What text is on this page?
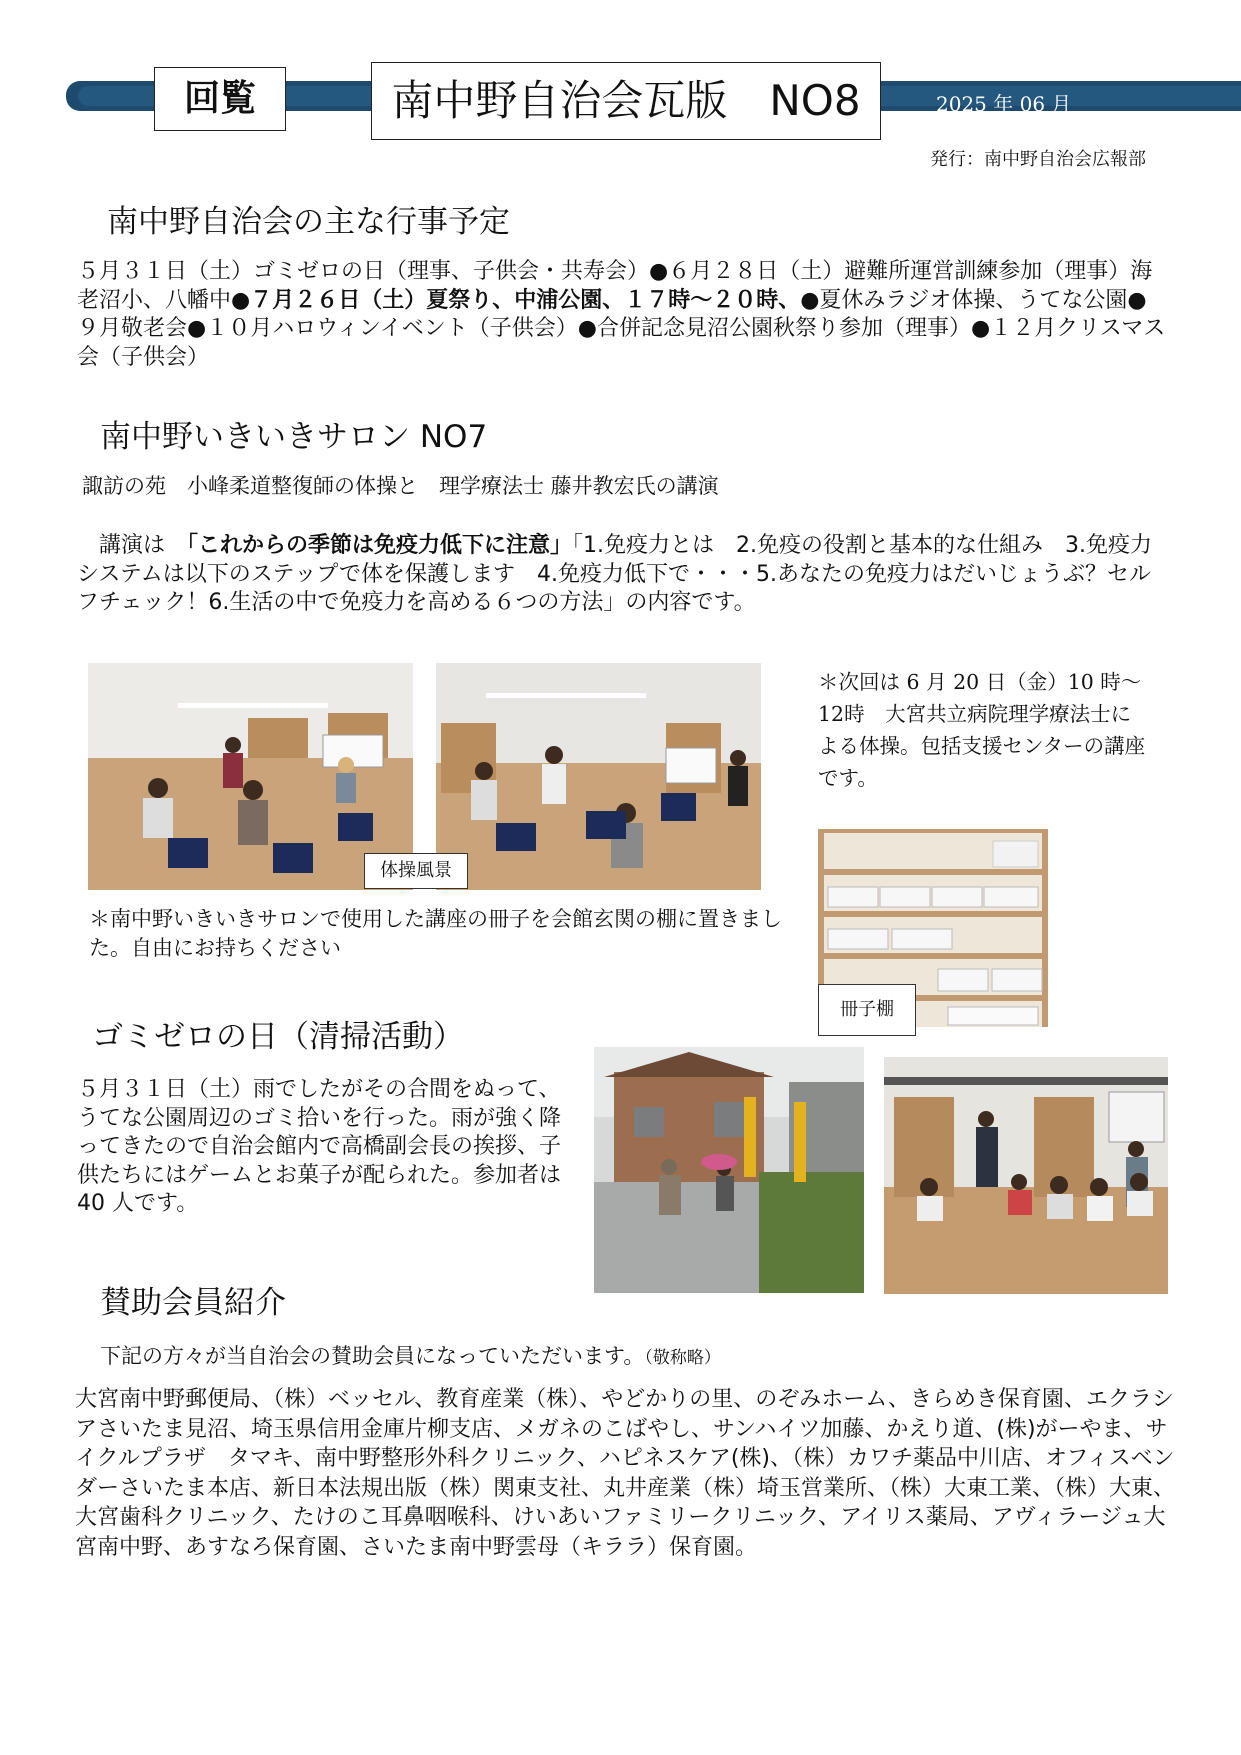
回覧	南中野自治会瓦版　NO8	2025 年 06 月
発行：南中野自治会広報部
南中野自治会の主な行事予定
５月３１日（土）ゴミゼロの日（理事、子供会・共寿会）●６月２８日（土）避難所運営訓練参加（理事）海老沼小、八幡中●７月２６日（土）夏祭り、中浦公園、１７時～２０時、●夏休みラジオ体操、うてな公園●９月敬老会●１０月ハロウィンイベント（子供会）●合併記念見沼公園秋祭り参加（理事）●１２月クリスマス会（子供会）
南中野いきいきサロン NO7
諏訪の苑　小峰柔道整復師の体操と　理学療法士 藤井教宏氏の講演
　講演は　「これからの季節は免疫力低下に注意」「1.免疫力とは　2.免疫の役割と基本的な仕組み　3.免疫力システムは以下のステップで体を保護します　4.免疫力低下で・・・5.あなたの免疫力はだいじょうぶ？セルフチェック！6.生活の中で免疫力を高める６つの方法」の内容です。
体操風景
＊次回は 6 月 20 日（金）10 時～12時　大宮共立病院理学療法士による体操。包括支援センターの講座です。
＊南中野いきいきサロンで使用した講座の冊子を会館玄関の棚に置きました。自由にお持ちください
冊子棚
ゴミゼロの日（清掃活動）
５月３１日（土）雨でしたがその合間をぬって、うてな公園周辺のゴミ拾いを行った。雨が強く降ってきたので自治会館内で高橋副会長の挨拶、子供たちにはゲームとお菓子が配られた。参加者は 40 人です。
賛助会員紹介
下記の方々が当自治会の賛助会員になっていただいます。（敬称略）
大宮南中野郵便局、（株）ベッセル、教育産業（株）、やどかりの里、のぞみホーム、きらめき保育園、エクラシアさいたま見沼、埼玉県信用金庫片柳支店、メガネのこばやし、サンハイツ加藤、かえり道、(株)がーやま、サイクルプラザ　タマキ、南中野整形外科クリニック、ハピネスケア(株)、（株）カワチ薬品中川店、オフィスベンダーさいたま本店、新日本法規出版（株）関東支社、丸井産業（株）埼玉営業所、（株）大東工業、（株）大東、大宮歯科クリニック、たけのこ耳鼻咽喉科、けいあいファミリークリニック、アイリス薬局、アヴィラージュ大宮南中野、あすなろ保育園、さいたま南中野雲母（キララ）保育園。
